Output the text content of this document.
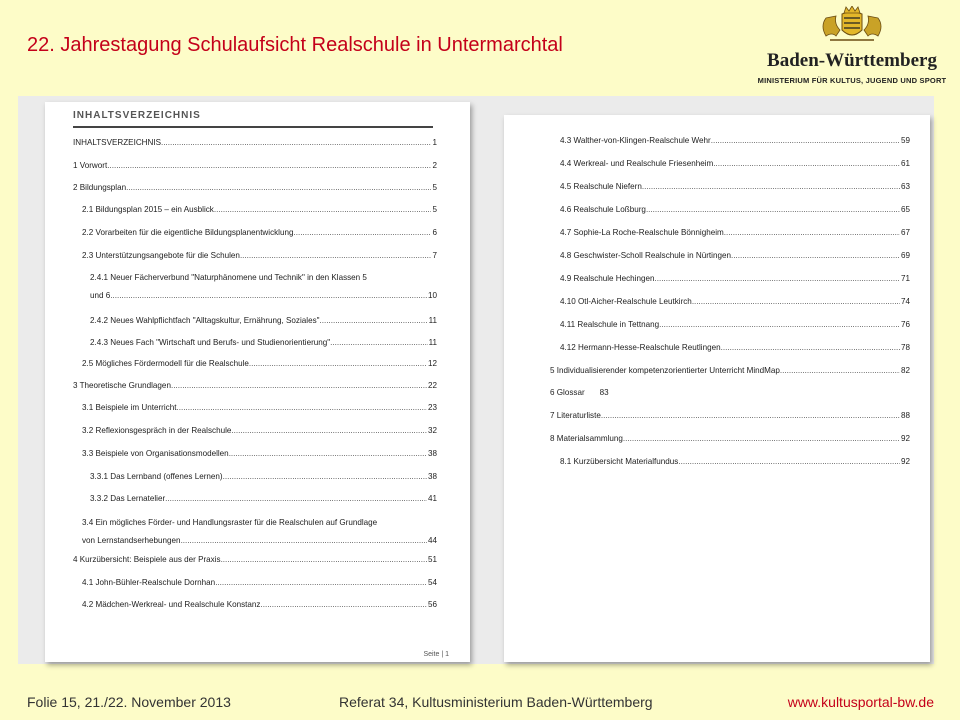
22. Jahrestagung Schulaufsicht Realschule in Untermarchtal
Baden-Württemberg
MINISTERIUM FÜR KULTUS, JUGEND UND SPORT
INHALTSVERZEICHNIS
INHALTSVERZEICHNIS .....	1
1 Vorwort .....	2
2 Bildungsplan .....	5
2.1 Bildungsplan 2015 – ein Ausblick .....	5
2.2 Vorarbeiten für die eigentliche Bildungsplanentwicklung .....	6
2.3 Unterstützungsangebote für die Schulen .....	7
2.4.1 Neuer Fächerverbund "Naturphänomene und Technik" in den Klassen 5
und 6 .....	10
2.4.2 Neues Wahlpflichtfach "Alltagskultur, Ernährung, Soziales" .....	11
2.4.3 Neues Fach "Wirtschaft und Berufs- und Studienorientierung" .....	11
2.5 Mögliches Fördermodell für die Realschule .....	12
3 Theoretische Grundlagen .....	22
3.1 Beispiele im Unterricht .....	23
3.2 Reflexionsgespräch in der Realschule .....	32
3.3 Beispiele von Organisationsmodellen .....	38
3.3.1 Das Lernband (offenes Lernen) .....	38
3.3.2 Das Lernatelier .....	41
3.4 Ein mögliches Förder- und Handlungsraster für die Realschulen auf Grundlage
von Lernstandserhebungen .....	44
4 Kurzübersicht: Beispiele aus der Praxis .....	51
4.1 John-Bühler-Realschule Dornhan .....	54
4.2 Mädchen-Werkreal- und Realschule Konstanz .....	56
Seite | 1
4.3 Walther-von-Klingen-Realschule Wehr .....	59
4.4 Werkreal- und Realschule Friesenheim .....	61
4.5 Realschule Niefern .....	63
4.6 Realschule Loßburg .....	65
4.7 Sophie-La Roche-Realschule Bönnigheim .....	67
4.8 Geschwister-Scholl Realschule in Nürtingen .....	69
4.9 Realschule Hechingen .....	71
4.10 Otl-Aicher-Realschule Leutkirch .....	74
4.11 Realschule in Tettnang .....	76
4.12 Hermann-Hesse-Realschule Reutlingen .....	78
5 Individualisierender kompetenzorientierter Unterricht MindMap .....	82
6 Glossar 83
7 Literaturliste .....	88
8 Materialsammlung .....	92
8.1 Kurzübersicht Materialfundus .....	92
Folie 15, 21./22. November 2013	Referat 34, Kultusministerium Baden-Württemberg	www.kultusportal-bw.de
